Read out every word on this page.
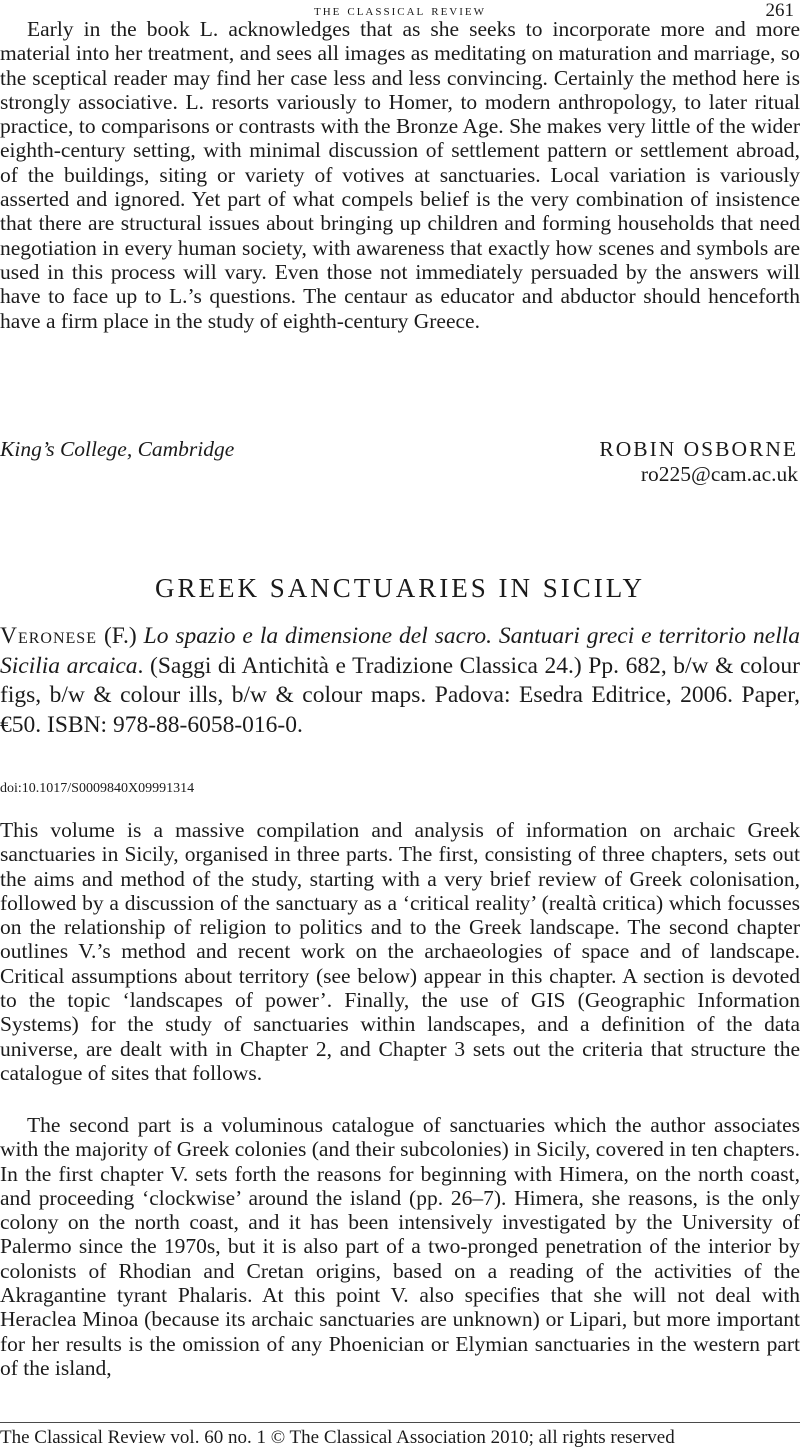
the classical review	261

Early in the book L. acknowledges that as she seeks to incorporate more and more material into her treatment, and sees all images as meditating on maturation and marriage, so the sceptical reader may find her case less and less convincing. Certainly the method here is strongly associative. L. resorts variously to Homer, to modern anthropology, to later ritual practice, to comparisons or contrasts with the Bronze Age. She makes very little of the wider eighth-century setting, with minimal discussion of settlement pattern or settlement abroad, of the buildings, siting or variety of votives at sanctuaries. Local variation is variously asserted and ignored. Yet part of what compels belief is the very combination of insistence that there are structural issues about bringing up children and forming households that need negotiation in every human society, with awareness that exactly how scenes and symbols are used in this process will vary. Even those not immediately persuaded by the answers will have to face up to L.’s questions. The centaur as educator and abductor should henceforth have a firm place in the study of eighth-century Greece.

King’s College, Cambridge	ROBIN OSBORNE
ro225@cam.ac.uk
GREEK SANCTUARIES IN SICILY

Veronese (F.) Lo spazio e la dimensione del sacro. Santuari greci e territorio nella Sicilia arcaica. (Saggi di Antichità e Tradizione Classica 24.) Pp. 682, b/w & colour figs, b/w & colour ills, b/w & colour maps. Padova: Esedra Editrice, 2006. Paper, €50. ISBN: 978-88-6058-016-0.

doi:10.1017/S0009840X09991314

This volume is a massive compilation and analysis of information on archaic Greek sanctuaries in Sicily, organised in three parts. The first, consisting of three chapters, sets out the aims and method of the study, starting with a very brief review of Greek colonisation, followed by a discussion of the sanctuary as a ‘critical reality’ (realtà critica) which focusses on the relationship of religion to politics and to the Greek landscape. The second chapter outlines V.’s method and recent work on the archaeologies of space and of landscape. Critical assumptions about territory (see below) appear in this chapter. A section is devoted to the topic ‘landscapes of power’. Finally, the use of GIS (Geographic Information Systems) for the study of sanctuaries within landscapes, and a definition of the data universe, are dealt with in Chapter 2, and Chapter 3 sets out the criteria that structure the catalogue of sites that follows.

The second part is a voluminous catalogue of sanctuaries which the author associates with the majority of Greek colonies (and their subcolonies) in Sicily, covered in ten chapters. In the first chapter V. sets forth the reasons for beginning with Himera, on the north coast, and proceeding ‘clockwise’ around the island (pp. 26–7). Himera, she reasons, is the only colony on the north coast, and it has been intensively investigated by the University of Palermo since the 1970s, but it is also part of a two-pronged penetration of the interior by colonists of Rhodian and Cretan origins, based on a reading of the activities of the Akragantine tyrant Phalaris. At this point V. also specifies that she will not deal with Heraclea Minoa (because its archaic sanctuaries are unknown) or Lipari, but more important for her results is the omission of any Phoenician or Elymian sanctuaries in the western part of the island,

The Classical Review vol. 60 no. 1 © The Classical Association 2010; all rights reserved
